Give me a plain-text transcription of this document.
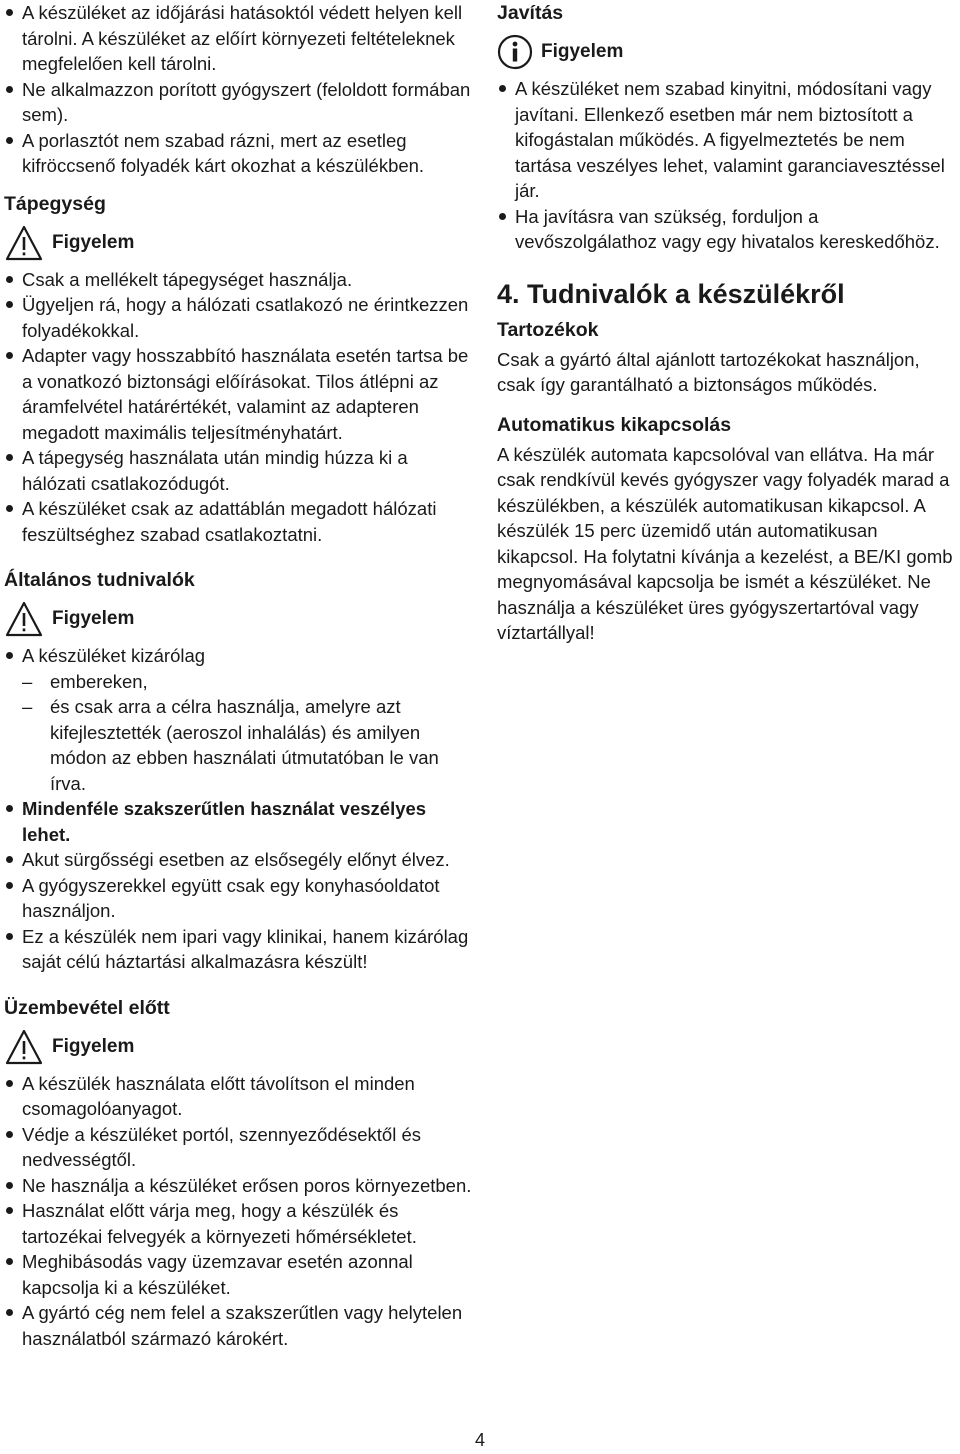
A készüléket az időjárási hatásoktól védett helyen kell tárolni. A készüléket az előírt környezeti feltételeknek megfelelően kell tárolni.
Ne alkalmazzon porított gyógyszert (feloldott formában sem).
A porlasztót nem szabad rázni, mert az esetleg kifröccsenő folyadék kárt okozhat a készülékben.
Tápegység
Figyelem
Csak a mellékelt tápegységet használja.
Ügyeljen rá, hogy a hálózati csatlakozó ne érintkezzen folyadékokkal.
Adapter vagy hosszabbító használata esetén tartsa be a vonatkozó biztonsági előírásokat. Tilos átlépni az áramfelvétel határértékét, valamint az adapteren megadott maximális teljesítményhatárt.
A tápegység használata után mindig húzza ki a hálózati csatlakozódugót.
A készüléket csak az adattáblán megadott hálózati feszültséghez szabad csatlakoztatni.
Általános tudnivalók
Figyelem
A készüléket kizárólag
– embereken,
– és csak arra a célra használja, amelyre azt kifejlesztették (aeroszol inhalálás) és amilyen módon az ebben használati útmutatóban le van írva.
Mindenféle szakszerűtlen használat veszélyes lehet.
Akut sürgősségi esetben az elsősegély előnyt élvez.
A gyógyszerekkel együtt csak egy konyhasóoldatot használjon.
Ez a készülék nem ipari vagy klinikai, hanem kizárólag saját célú háztartási alkalmazásra készült!
Üzembevétel előtt
Figyelem
A készülék használata előtt távolítson el minden csomagolóanyagot.
Védje a készüléket portól, szennyeződésektől és nedvességtől.
Ne használja a készüléket erősen poros környezetben.
Használat előtt várja meg, hogy a készülék és tartozékai felvegyék a környezeti hőmérsékletet.
Meghibásodás vagy üzemzavar esetén azonnal kapcsolja ki a készüléket.
A gyártó cég nem felel a szakszerűtlen vagy helytelen használatból származó károkért.
Javítás
Figyelem
A készüléket nem szabad kinyitni, módosítani vagy javítani. Ellenkező esetben már nem biztosított a kifogástalan működés. A figyelmeztetés be nem tartása veszélyes lehet, valamint garanciavesztéssel jár.
Ha javításra van szükség, forduljon a vevőszolgálathoz vagy egy hivatalos kereskedőhöz.
4. Tudnivalók a készülékről
Tartozékok

Csak a gyártó által ajánlott tartozékokat használjon, csak így garantálható a biztonságos működés.

Automatikus kikapcsolás

A készülék automata kapcsolóval van ellátva. Ha már csak rendkívül kevés gyógyszer vagy folyadék marad a készülékben, a készülék automatikusan kikapcsol. A készülék 15 perc üzemidő után automatikusan kikapcsol. Ha folytatni kívánja a kezelést, a BE/KI gomb megnyomásával kapcsolja be ismét a készüléket. Ne használja a készüléket üres gyógyszertartóval vagy víztartállyal!

4
